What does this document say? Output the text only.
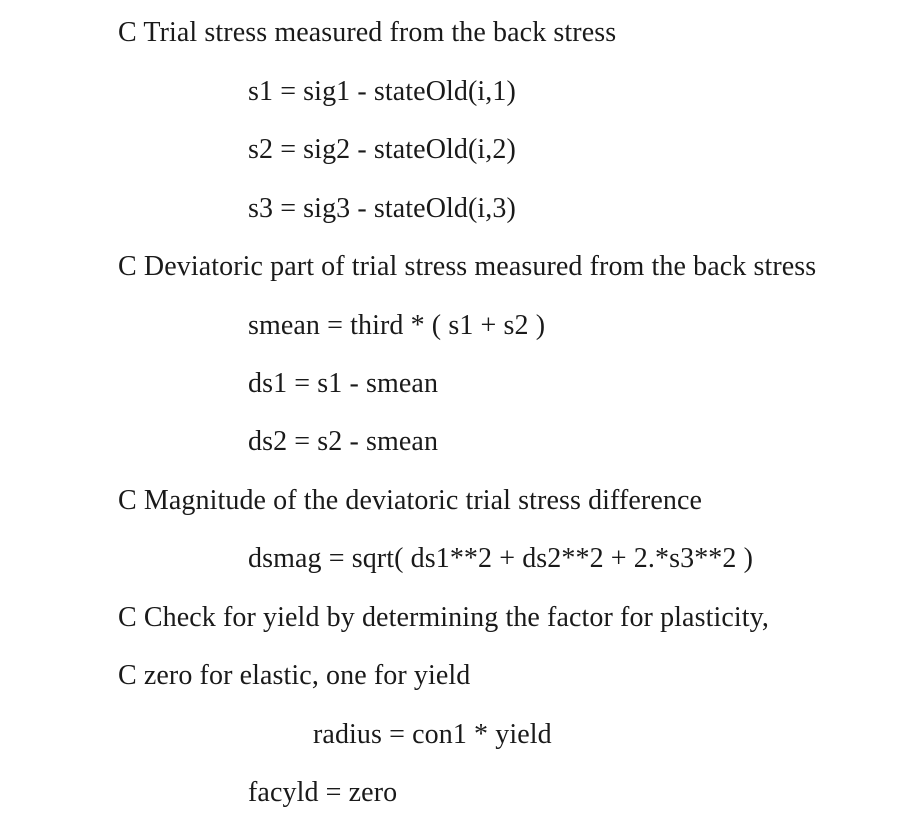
C Trial stress measured from the back stress
s1 = sig1 - stateOld(i,1)
s2 = sig2 - stateOld(i,2)
s3 = sig3 - stateOld(i,3)
C Deviatoric part of trial stress measured from the back stress
smean = third * ( s1 + s2 )
ds1 = s1 - smean
ds2 = s2 - smean
C Magnitude of the deviatoric trial stress difference
dsmag = sqrt( ds1**2 + ds2**2 + 2.*s3**2 )
C Check for yield by determining the factor for plasticity,
C zero for elastic, one for yield
radius = con1 * yield
facyld = zero
